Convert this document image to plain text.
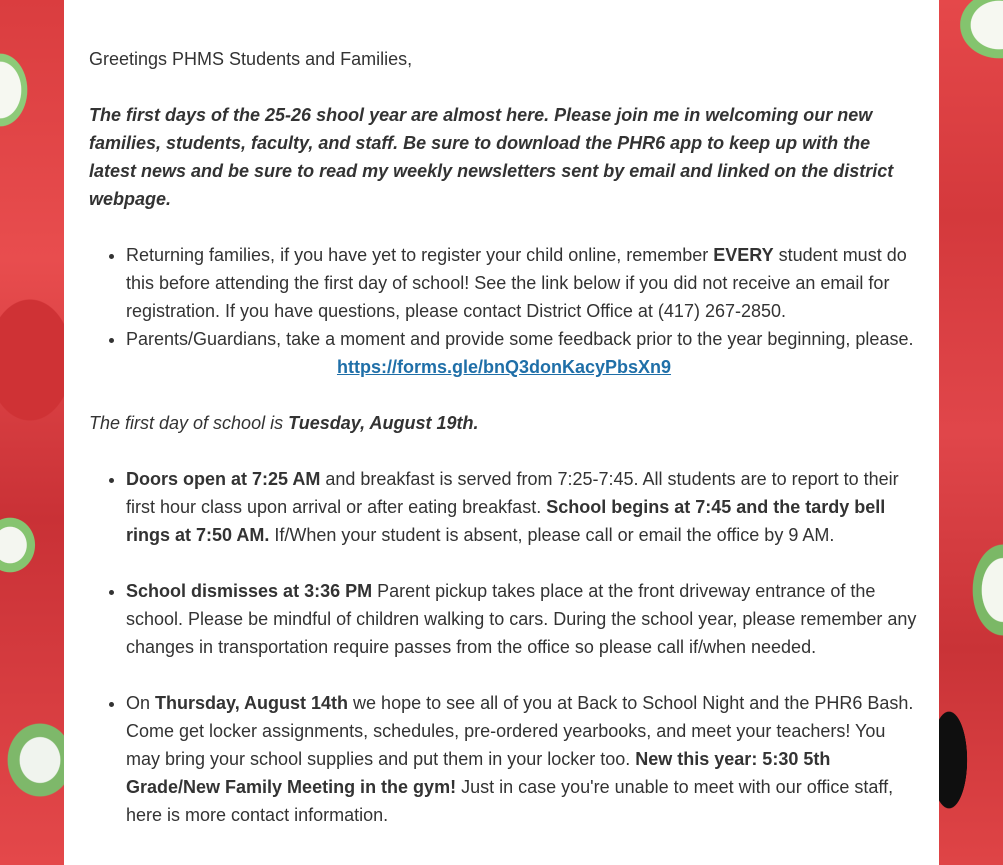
Greetings PHMS Students and Families,

The first days of the 25-26 shool year are almost here. Please join me in welcoming our new families, students, faculty, and staff. Be sure to download the PHR6 app to keep up with the latest news and be sure to read my weekly newsletters sent by email and linked on the district webpage.

• Returning families, if you have yet to register your child online, remember EVERY student must do this before attending the first day of school! See the link below if you did not receive an email for registration. If you have questions, please contact District Office at (417) 267-2850.
• Parents/Guardians, take a moment and provide some feedback prior to the year beginning, please.

https://forms.gle/bnQ3donKacyPbsXn9

The first day of school is Tuesday, August 19th.

• Doors open at 7:25 AM and breakfast is served from 7:25-7:45. All students are to report to their first hour class upon arrival or after eating breakfast. School begins at 7:45 and the tardy bell rings at 7:50 AM. If/When your student is absent, please call or email the office by 9 AM.
• School dismisses at 3:36 PM Parent pickup takes place at the front driveway entrance of the school. Please be mindful of children walking to cars. During the school year, please remember any changes in transportation require passes from the office so please call if/when needed.
• On Thursday, August 14th we hope to see all of you at Back to School Night and the PHR6 Bash. Come get locker assignments, schedules, pre-ordered yearbooks, and meet your teachers! You may bring your school supplies and put them in your locker too. New this year: 5:30 5th Grade/New Family Meeting in the gym! Just in case you're unable to meet with our office staff, here is more contact information.
